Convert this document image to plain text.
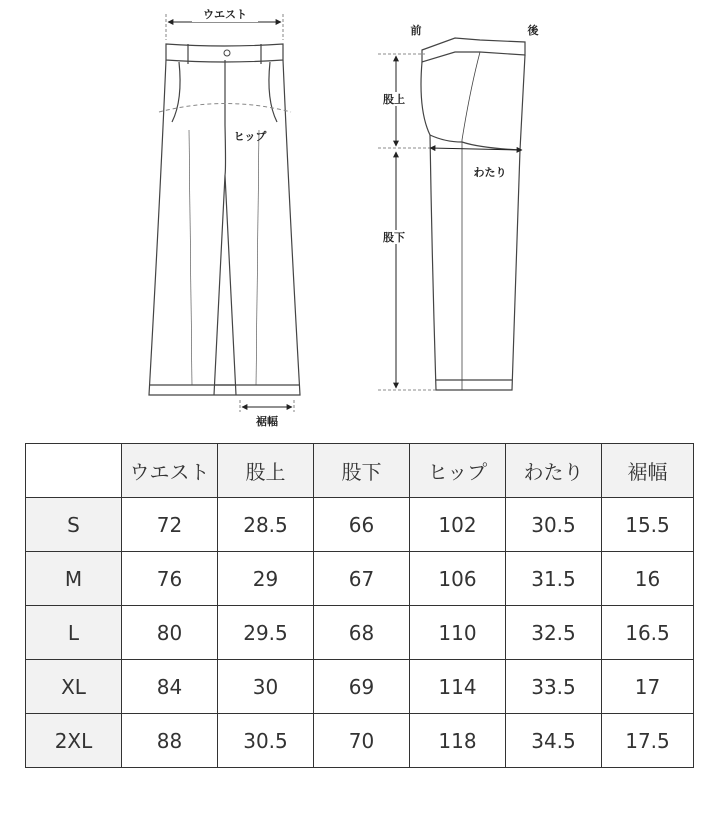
ウエスト
ヒップ
裾幅
前	後
股上
わたり
股下
	ウエスト	股上	股下	ヒップ	わたり	裾幅
S	72	28.5	66	102	30.5	15.5
M	76	29	67	106	31.5	16
L	80	29.5	68	110	32.5	16.5
XL	84	30	69	114	33.5	17
2XL	88	30.5	70	118	34.5	17.5
